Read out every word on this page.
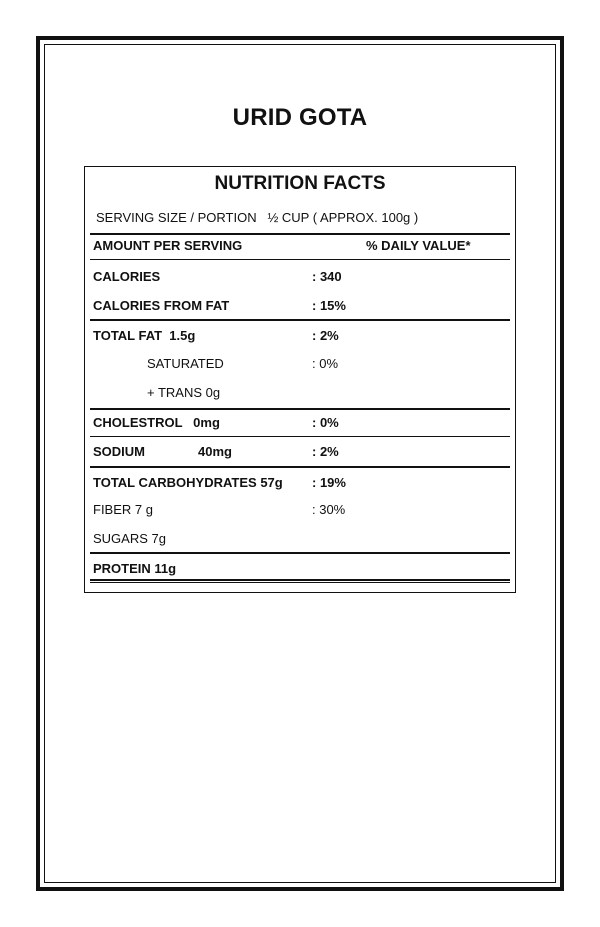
URID GOTA
NUTRITION FACTS
SERVING SIZE / PORTION   ½ CUP ( APPROX. 100g )
AMOUNT PER SERVING	% DAILY VALUE*
CALORIES	: 340
CALORIES FROM FAT	: 15%
TOTAL FAT  1.5g	: 2%
SATURATED	: 0%
+ TRANS 0g
CHOLESTROL   0mg	: 0%
SODIUM	40mg	: 2%
TOTAL CARBOHYDRATES 57g : 19%
FIBER 7 g	: 30%
SUGARS 7g
PROTEIN 11g
